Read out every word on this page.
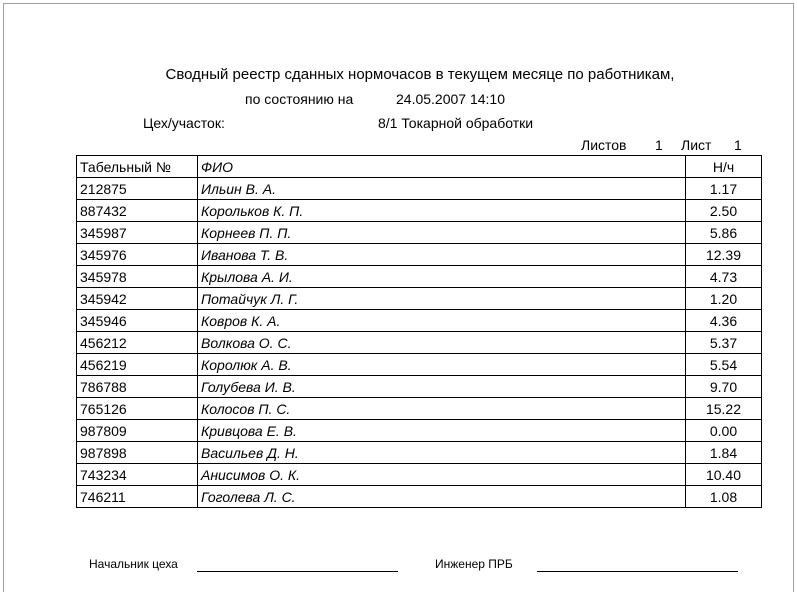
Сводный реестр сданных нормочасов в текущем месяце по работникам,
по состоянию на	24.05.2007 14:10
Цех/участок:	8/1 Токарной обработки
Листов 1 Лист 1
Табельный №	ФИО	Н/ч
212875	Ильин В. А.	1.17
887432	Корольков К. П.	2.50
345987	Корнеев П. П.	5.86
345976	Иванова Т. В.	12.39
345978	Крылова А. И.	4.73
345942	Потайчук Л. Г.	1.20
345946	Ковров К. А.	4.36
456212	Волкова О. С.	5.37
456219	Королюк А. В.	5.54
786788	Голубева И. В.	9.70
765126	Колосов П. С.	15.22
987809	Кривцова Е. В.	0.00
987898	Васильев Д. Н.	1.84
743234	Анисимов О. К.	10.40
746211	Гоголева Л. С.	1.08
Начальник цеха	Инженер ПРБ
